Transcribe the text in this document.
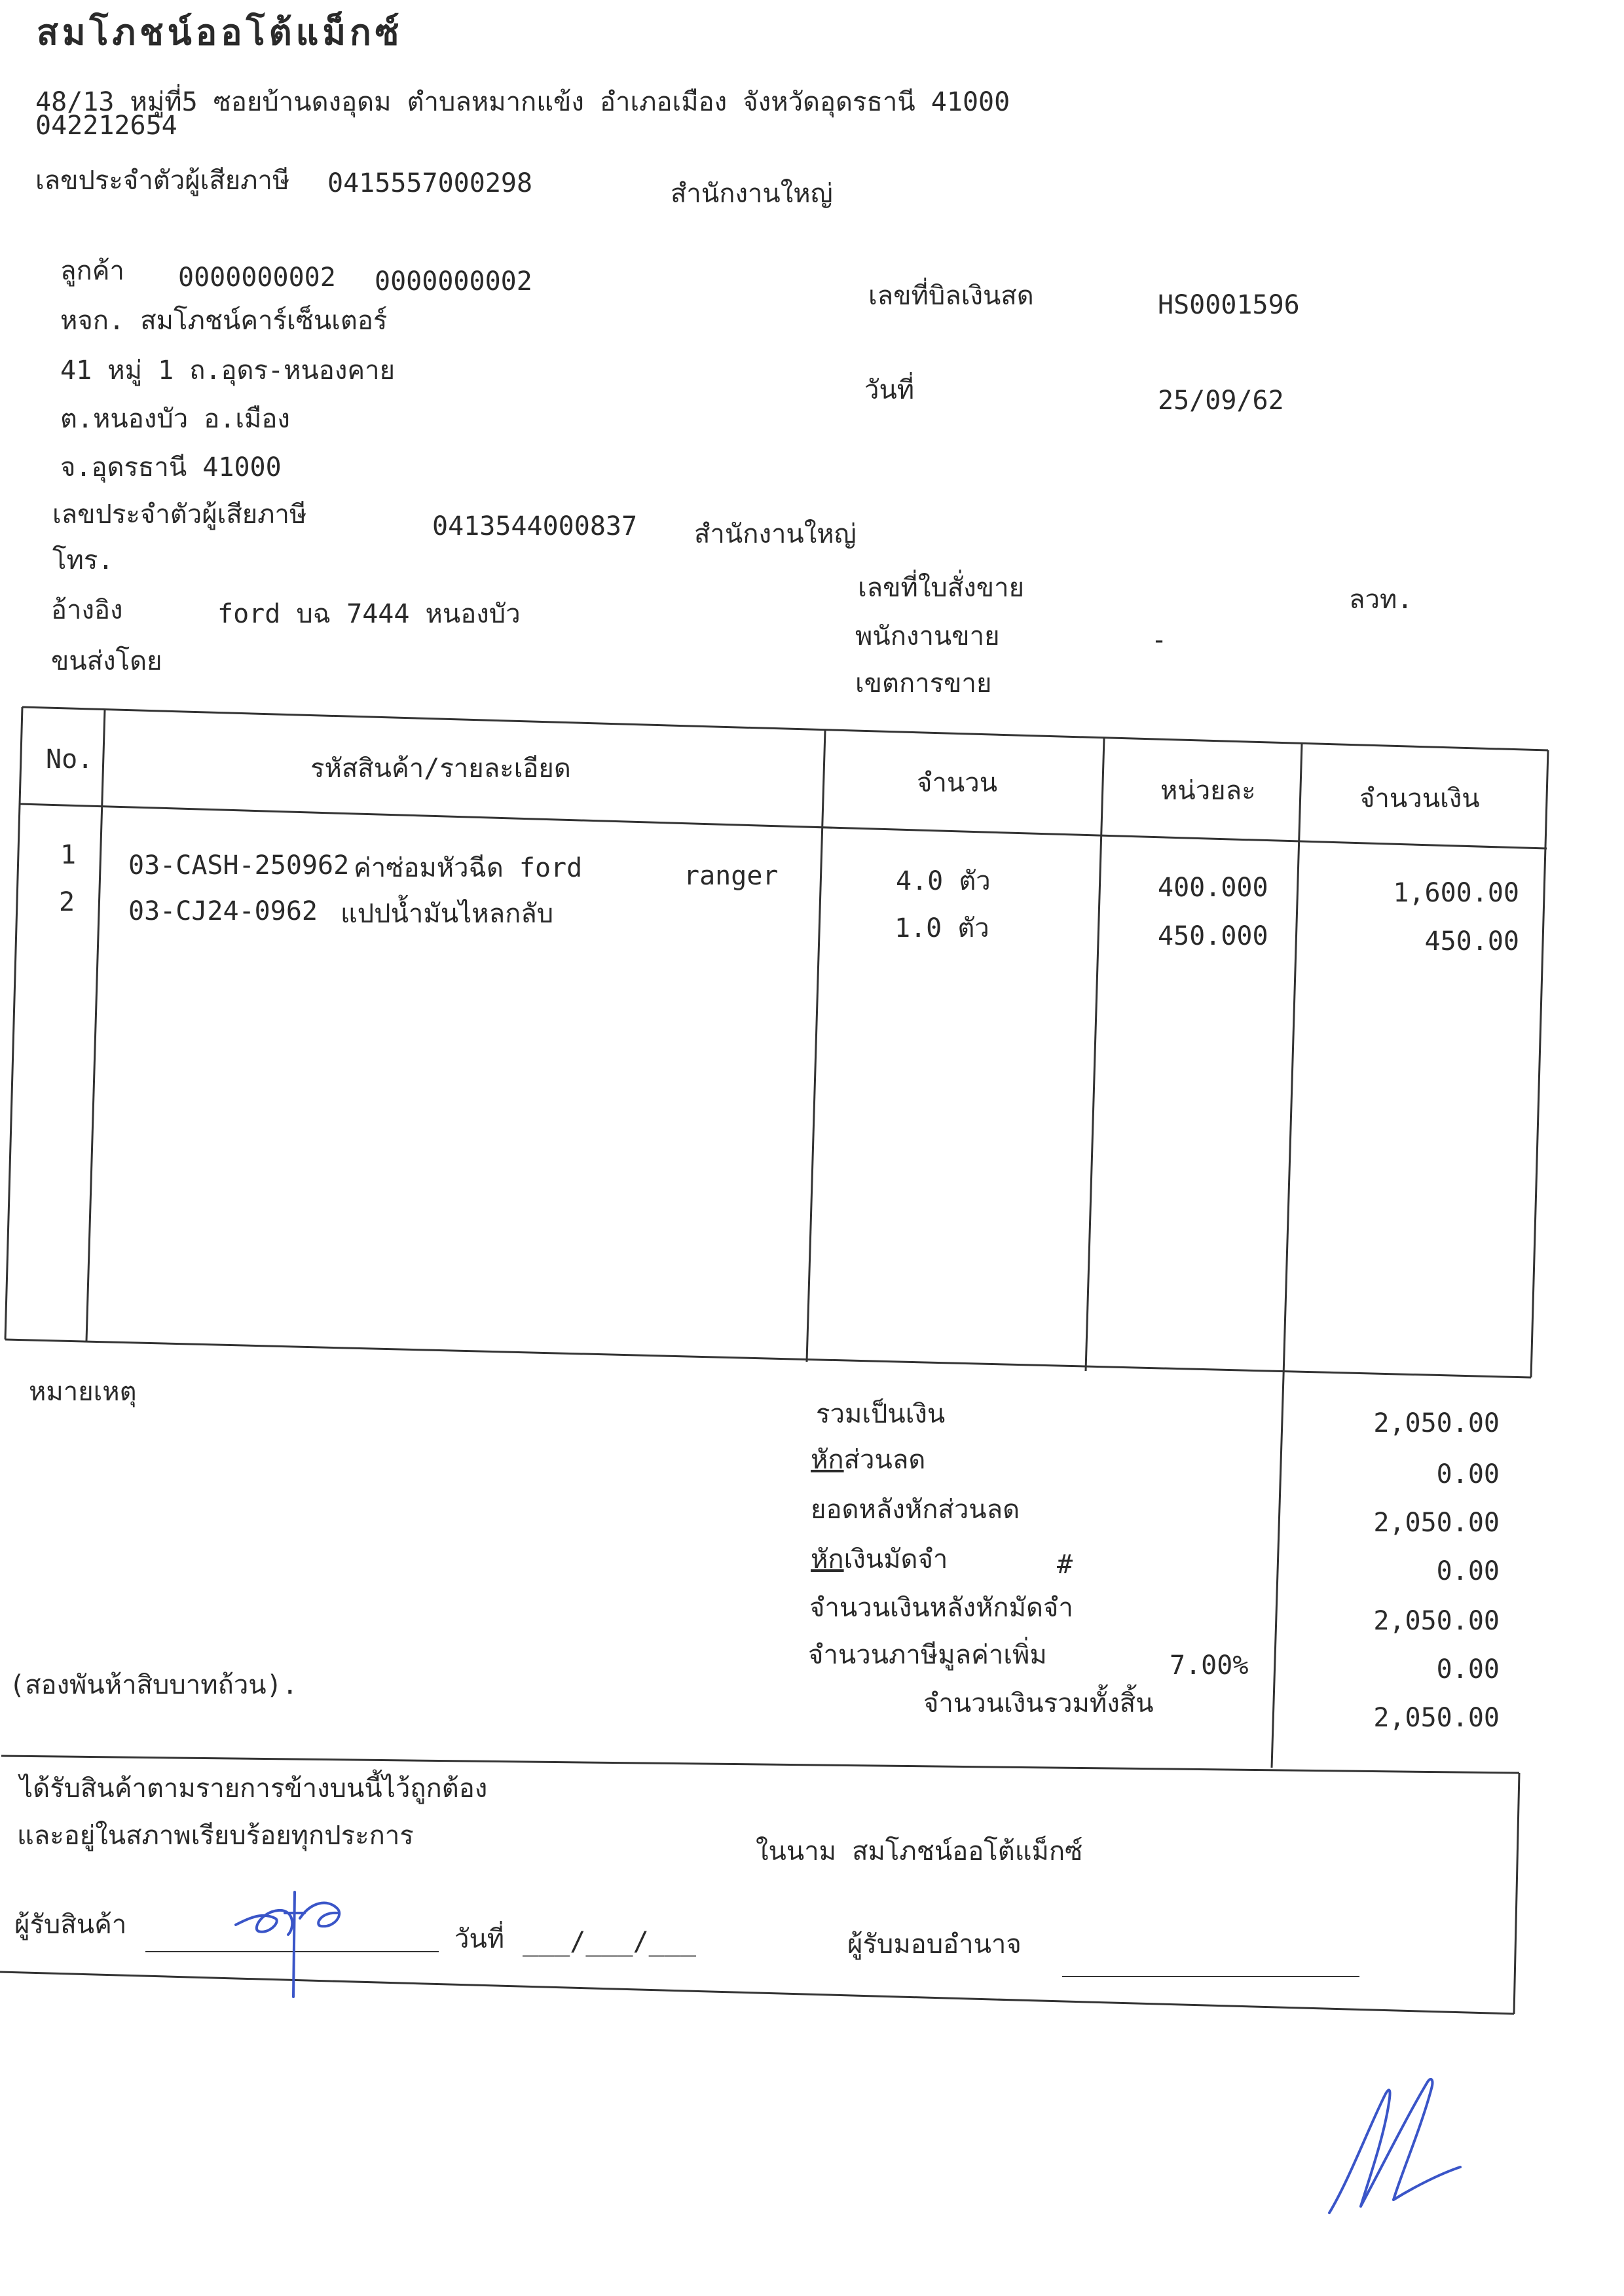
สมโภชน์ออโต้แม็กซ์
48/13 หมู่ที่5 ซอยบ้านดงอุดม ตำบลหมากแข้ง อำเภอเมือง จังหวัดอุดรธานี 41000
042212654
เลขประจำตัวผู้เสียภาษี 0415557000298	สำนักงานใหญ่
ลูกค้า 0000000002 0000000002
หจก. สมโภชน์คาร์เซ็นเตอร์
41 หมู่ 1 ถ.อุดร-หนองคาย
ต.หนองบัว อ.เมือง
จ.อุดรธานี 41000
เลขประจำตัวผู้เสียภาษี	0413544000837 สำนักงานใหญ่
โทร.
อ้างอิง	ford บฉ 7444 หนองบัว
ขนส่งโดย
เลขที่บิลเงินสด	HS0001596
วันที่	25/09/62
เลขที่ใบสั่งขาย	ลวท.
พนักงานขาย	-
เขตการขาย
No.	รหัสสินค้า/รายละเอียด	จำนวน	หน่วยละ	จำนวนเงิน
1 03-CASH-250962 ค่าซ่อมหัวฉีด ford	ranger	4.0 ตัว	400.000	1,600.00
2 03-CJ24-0962 แปปน้ำมันไหลกลับ	1.0 ตัว	450.000	450.00
หมายเหตุ
(สองพันห้าสิบบาทถ้วน).
รวมเป็นเงิน	2,050.00
หักส่วนลด	0.00
ยอดหลังหักส่วนลด	2,050.00
หักเงินมัดจำ	#	0.00
จำนวนเงินหลังหักมัดจำ	2,050.00
จำนวนภาษีมูลค่าเพิ่ม	7.00%	0.00
จำนวนเงินรวมทั้งสิ้น	2,050.00
ได้รับสินค้าตามรายการข้างบนนี้ไว้ถูกต้อง
และอยู่ในสภาพเรียบร้อยทุกประการ
ในนาม สมโภชน์ออโต้แม็กซ์
ผู้รับสินค้า	วันที่ ___/___/___	ผู้รับมอบอำนาจ
